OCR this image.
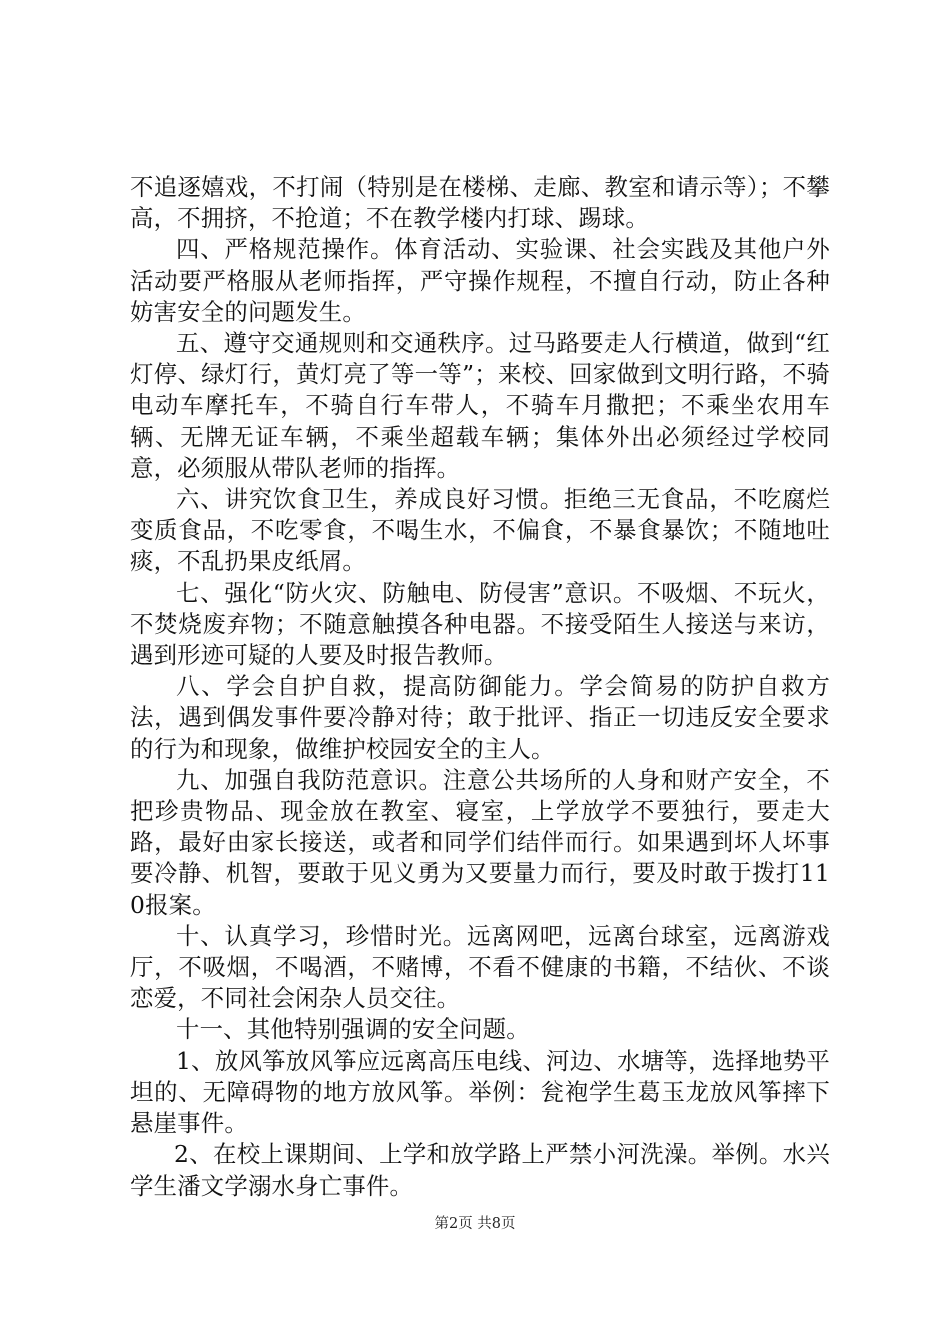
不追逐嬉戏，不打闹（特别是在楼梯、走廊、教室和请示等）；不攀高，不拥挤，不抢道；不在教学楼内打球、踢球。

四、严格规范操作。体育活动、实验课、社会实践及其他户外活动要严格服从老师指挥，严守操作规程，不擅自行动，防止各种妨害安全的问题发生。

五、遵守交通规则和交通秩序。过马路要走人行横道，做到“红灯停、绿灯行，黄灯亮了等一等”；来校、回家做到文明行路，不骑电动车摩托车，不骑自行车带人，不骑车月撒把；不乘坐农用车辆、无牌无证车辆，不乘坐超载车辆；集体外出必须经过学校同意，必须服从带队老师的指挥。

六、讲究饮食卫生，养成良好习惯。拒绝三无食品，不吃腐烂变质食品，不吃零食，不喝生水，不偏食，不暴食暴饮；不随地吐痰，不乱扔果皮纸屑。

七、强化“防火灾、防触电、防侵害”意识。不吸烟、不玩火，不焚烧废弃物；不随意触摸各种电器。不接受陌生人接送与来访，遇到形迹可疑的人要及时报告教师。

八、学会自护自救，提高防御能力。学会简易的防护自救方法，遇到偶发事件要冷静对待；敢于批评、指正一切违反安全要求的行为和现象，做维护校园安全的主人。

九、加强自我防范意识。注意公共场所的人身和财产安全，不把珍贵物品、现金放在教室、寝室，上学放学不要独行，要走大路，最好由家长接送，或者和同学们结伴而行。如果遇到坏人坏事要冷静、机智，要敢于见义勇为又要量力而行，要及时敢于拨打110报案。

十、认真学习，珍惜时光。远离网吧，远离台球室，远离游戏厅，不吸烟，不喝酒，不赌博，不看不健康的书籍，不结伙、不谈恋爱，不同社会闲杂人员交往。

十一、其他特别强调的安全问题。

1、放风筝放风筝应远离高压电线、河边、水塘等，选择地势平坦的、无障碍物的地方放风筝。举例：瓮袍学生葛玉龙放风筝摔下悬崖事件。

2、在校上课期间、上学和放学路上严禁小河洗澡。举例。水兴学生潘文学溺水身亡事件。

第2页 共8页
